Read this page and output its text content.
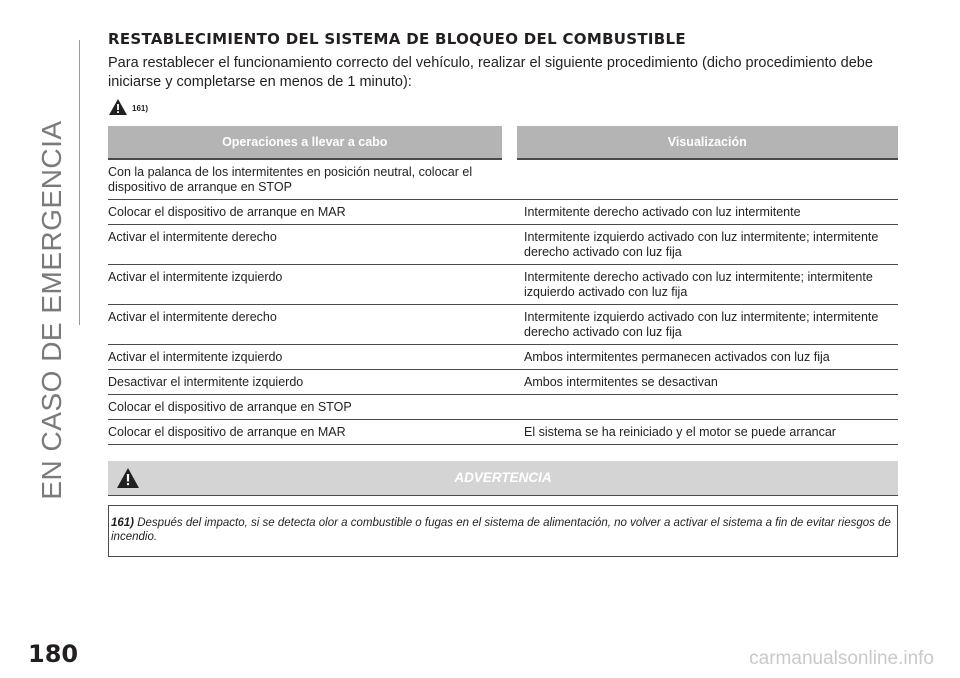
EN CASO DE EMERGENCIA
RESTABLECIMIENTO DEL SISTEMA DE BLOQUEO DEL COMBUSTIBLE

Para restablecer el funcionamiento correcto del vehículo, realizar el siguiente procedimiento (dicho procedimiento debe iniciarse y completarse en menos de 1 minuto):

161)
Operaciones a llevar a cabo	Visualización
Con la palanca de los intermitentes en posición neutral, colocar el dispositivo de arranque en STOP	
Colocar el dispositivo de arranque en MAR	Intermitente derecho activado con luz intermitente
Activar el intermitente derecho	Intermitente izquierdo activado con luz intermitente; intermitente derecho activado con luz fija
Activar el intermitente izquierdo	Intermitente derecho activado con luz intermitente; intermitente izquierdo activado con luz fija
Activar el intermitente derecho	Intermitente izquierdo activado con luz intermitente; intermitente derecho activado con luz fija
Activar el intermitente izquierdo	Ambos intermitentes permanecen activados con luz fija
Desactivar el intermitente izquierdo	Ambos intermitentes se desactivan
Colocar el dispositivo de arranque en STOP	
Colocar el dispositivo de arranque en MAR	El sistema se ha reiniciado y el motor se puede arrancar
ADVERTENCIA
161) Después del impacto, si se detecta olor a combustible o fugas en el sistema de alimentación, no volver a activar el sistema a fin de evitar riesgos de incendio.
180	carmanualsonline.info
